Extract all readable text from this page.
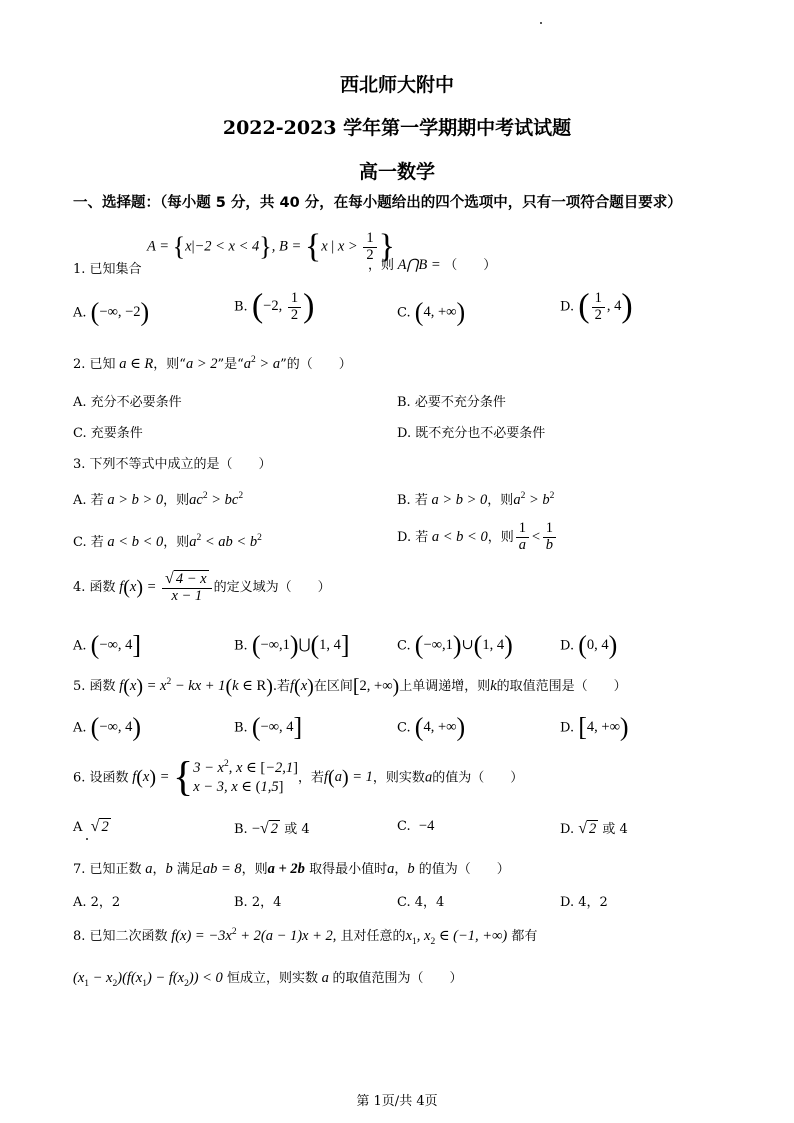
西北师大附中
2022-2023 学年第一学期期中考试试题
高一数学
一、选择题：（每小题 5 分，共 40 分，在每小题给出的四个选项中，只有一项符合题目要求）
A = {x|−2 < x < 4}, B = {x | $x > \frac{1}{2}$ }
1. 已知集合	，则 A⋂B = （　　）
A. (−∞, −2)	B. (−2, $\frac{1}{2}$ )	C. (4, +∞)	D. ( $\frac{1}{2}$ , 4)
2. 已知 a ∈ R，则“a > 2”是“$a^2 > a$”的（　　）
A. 充分不必要条件	B. 必要不充分条件
C. 充要条件	D. 既不充分也不必要条件
3. 下列不等式中成立的是（　　）
A. 若 a > b > 0，则$ac^2 > bc^2$	B. 若 a > b > 0，则$a^2 > b^2$
C. 若 a < b < 0，则$a^2$ < ab < $b^2$	D. 若 a < b < 0，则 $\frac{1}{a} < \frac{1}{b}$
4. 函数 $f(x) = \frac{√ 4 - x}{x - 1}$ 的定义域为（　　）
A. (−∞, 4]	B. (−∞,1)⋃(1, 4]	C. (−∞,1)∪(1, 4)	D. (0, 4)
5. 函数 $f(x) = x^2$ − kx + 1(k ∈ R).若f(x)在区间[2, +∞)上单调递增，则k的取值范围是（　　）
A. (−∞, 4)	B. (−∞, 4]	C. (4, +∞)	D. [4, +∞)
6. 设函数 f(x) = { $3 - x^2$, x ∈ [−2,1]
x − 3, x ∈ (1,5]
，若f(a) = 1，则实数a的值为（　　）
A √ 2	B. −√ 2 或 4	C. −4	D. √ 2 或 4
7. 已知正数 a，b 满足ab = 8，则a + 2b 取得最小值时a，b 的值为（　　）
A. 2，2	B. 2，4	C. 4，4	D. 4，2
8. 已知二次函数 $f(x) = -3x^2 + 2(a - 1)x + 2$, 且对任意的$x_1$, $x_2$ ∈ (−1, +∞) 都有
$(x_1 - x_2)(f(x_1) - f(x_2)) < 0$ 恒成立，则实数 a 的取值范围为（　　）
第 1页/共 4页
